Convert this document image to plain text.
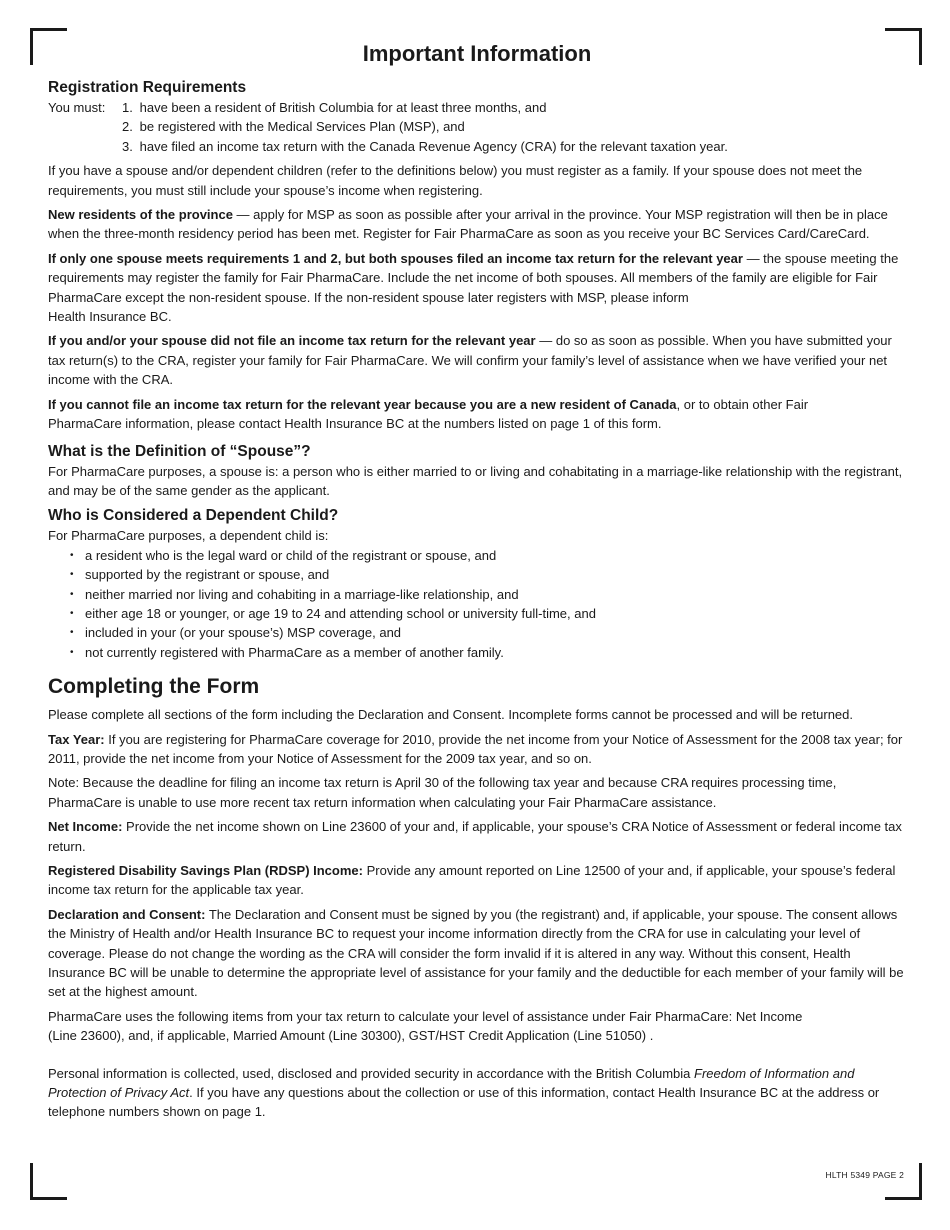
Important Information
Registration Requirements
You must:	1. have been a resident of British Columbia for at least three months, and
2. be registered with the Medical Services Plan (MSP), and
3. have filed an income tax return with the Canada Revenue Agency (CRA) for the relevant taxation year.

If you have a spouse and/or dependent children (refer to the definitions below) you must register as a family. If your spouse does not meet the requirements, you must still include your spouse’s income when registering.

New residents of the province — apply for MSP as soon as possible after your arrival in the province. Your MSP registration will then be in place when the three-month residency period has been met. Register for Fair PharmaCare as soon as you receive your BC Services Card/CareCard.

If only one spouse meets requirements 1 and 2, but both spouses filed an income tax return for the relevant year — the spouse meeting the requirements may register the family for Fair PharmaCare. Include the net income of both spouses. All members of the family are eligible for Fair PharmaCare except the non-resident spouse. If the non-resident spouse later registers with MSP, please inform
Health Insurance BC.

If you and/or your spouse did not file an income tax return for the relevant year — do so as soon as possible. When you have submitted your tax return(s) to the CRA, register your family for Fair PharmaCare. We will confirm your family’s level of assistance when we have verified your net income with the CRA.

If you cannot file an income tax return for the relevant year because you are a new resident of Canada, or to obtain other Fair
PharmaCare information, please contact Health Insurance BC at the numbers listed on page 1 of this form.

What is the Definition of “Spouse”?

For PharmaCare purposes, a spouse is: a person who is either married to or living and cohabitating in a marriage-like relationship with the registrant, and may be of the same gender as the applicant.

Who is Considered a Dependent Child?
For PharmaCare purposes, a dependent child is:
• a resident who is the legal ward or child of the registrant or spouse, and
• supported by the registrant or spouse, and
• neither married nor living and cohabiting in a marriage-like relationship, and
• either age 18 or younger, or age 19 to 24 and attending school or university full-time, and
• included in your (or your spouse’s) MSP coverage, and
• not currently registered with PharmaCare as a member of another family.
Completing the Form

Please complete all sections of the form including the Declaration and Consent. Incomplete forms cannot be processed and will be returned.

Tax Year: If you are registering for PharmaCare coverage for 2010, provide the net income from your Notice of Assessment for the 2008 tax year; for 2011, provide the net income from your Notice of Assessment for the 2009 tax year, and so on.

Note: Because the deadline for filing an income tax return is April 30 of the following tax year and because CRA requires processing time, PharmaCare is unable to use more recent tax return information when calculating your Fair PharmaCare assistance.

Net Income: Provide the net income shown on Line 23600 of your and, if applicable, your spouse’s CRA Notice of Assessment or federal income tax return.

Registered Disability Savings Plan (RDSP) Income: Provide any amount reported on Line 12500 of your and, if applicable, your spouse’s federal income tax return for the applicable tax year.

Declaration and Consent: The Declaration and Consent must be signed by you (the registrant) and, if applicable, your spouse. The consent allows the Ministry of Health and/or Health Insurance BC to request your income information directly from the CRA for use in calculating your level of coverage. Please do not change the wording as the CRA will consider the form invalid if it is altered in any way. Without this consent, Health Insurance BC will be unable to determine the appropriate level of assistance for your family and the deductible for each member of your family will be set at the highest amount.

PharmaCare uses the following items from your tax return to calculate your level of assistance under Fair PharmaCare: Net Income
(Line 23600), and, if applicable, Married Amount (Line 30300), GST/HST Credit Application (Line 51050) .

Personal information is collected, used, disclosed and provided security in accordance with the British Columbia Freedom of Information and Protection of Privacy Act. If you have any questions about the collection or use of this information, contact Health Insurance BC at the address or telephone numbers shown on page 1.

HLTH 5349 PAGE 2
